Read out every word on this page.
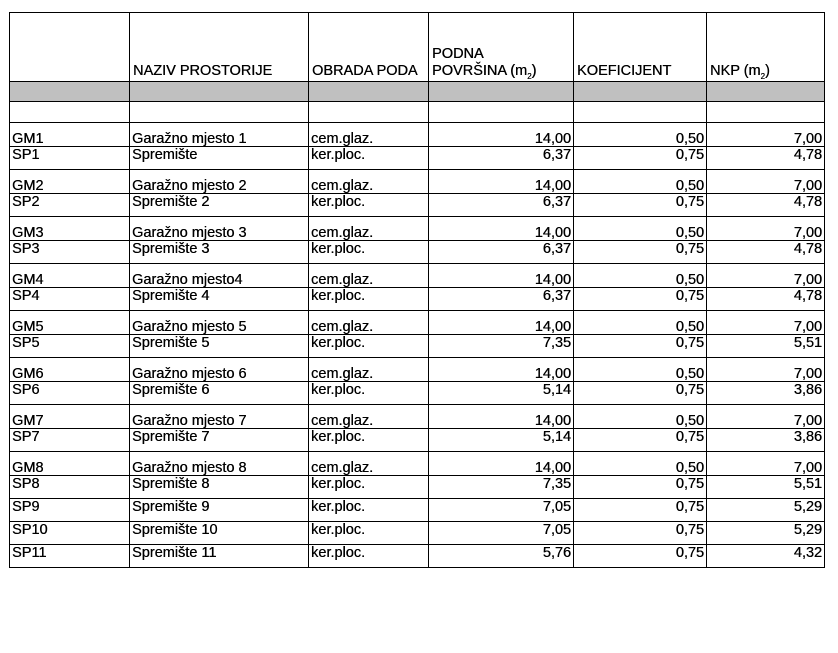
	NAZIV PROSTORIJE	OBRADA PODA	PODNA
POVRŠINA $(m_2)$	KOEFICIJENT	NKP $(m_2)$

GM1	Garažno mjesto 1	cem.glaz.	14,00	0,50	7,00
SP1	Spremište	ker.ploc.	6,37	0,75	4,78
GM2	Garažno mjesto 2	cem.glaz.	14,00	0,50	7,00
SP2	Spremište 2	ker.ploc.	6,37	0,75	4,78
GM3	Garažno mjesto 3	cem.glaz.	14,00	0,50	7,00
SP3	Spremište 3	ker.ploc.	6,37	0,75	4,78
GM4	Garažno mjesto4	cem.glaz.	14,00	0,50	7,00
SP4	Spremište 4	ker.ploc.	6,37	0,75	4,78
GM5	Garažno mjesto 5	cem.glaz.	14,00	0,50	7,00
SP5	Spremište 5	ker.ploc.	7,35	0,75	5,51
GM6	Garažno mjesto 6	cem.glaz.	14,00	0,50	7,00
SP6	Spremište 6	ker.ploc.	5,14	0,75	3,86
GM7	Garažno mjesto 7	cem.glaz.	14,00	0,50	7,00
SP7	Spremište 7	ker.ploc.	5,14	0,75	3,86
GM8	Garažno mjesto 8	cem.glaz.	14,00	0,50	7,00
SP8	Spremište 8	ker.ploc.	7,35	0,75	5,51
SP9	Spremište 9	ker.ploc.	7,05	0,75	5,29
SP10	Spremište 10	ker.ploc.	7,05	0,75	5,29
SP11	Spremište 11	ker.ploc.	5,76	0,75	4,32
